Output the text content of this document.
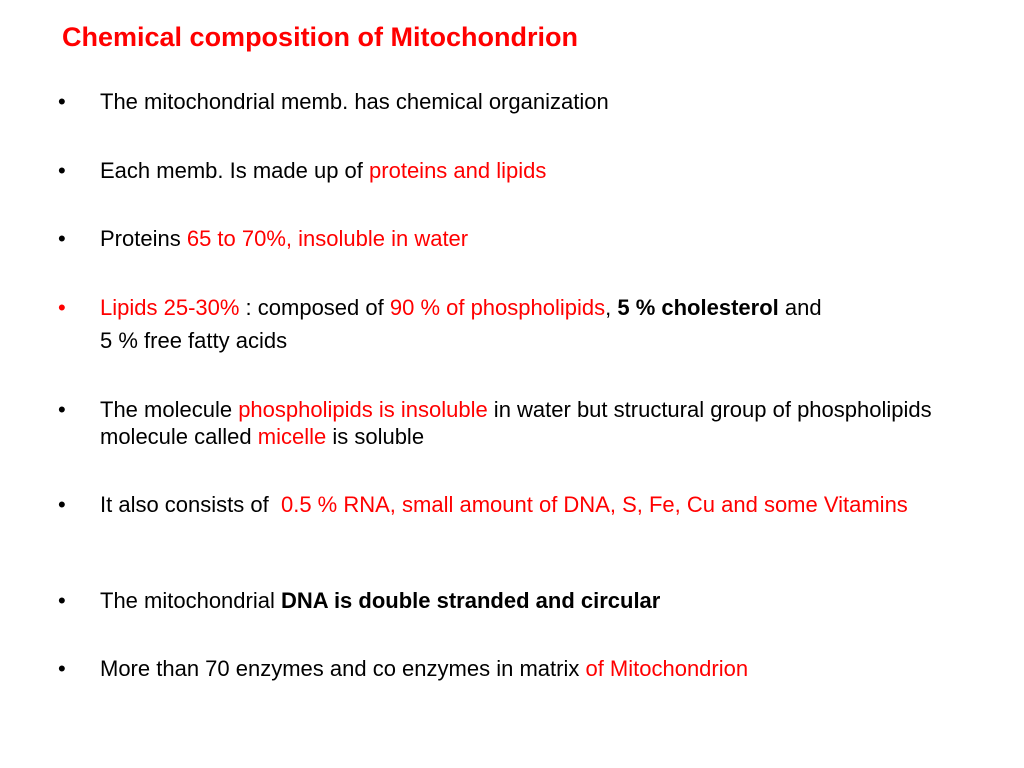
Chemical composition of Mitochondrion
• The mitochondrial memb. has chemical organization
• Each memb. Is made up of proteins and lipids
• Proteins 65 to 70%, insoluble in water
• Lipids 25-30% : composed of 90 % of phospholipids, 5 % cholesterol and
5 % free fatty acids
• The molecule phospholipids is insoluble in water but structural group of phospholipids molecule called micelle is soluble
• It also consists of  0.5 % RNA, small amount of DNA, S, Fe, Cu and some Vitamins
• The mitochondrial DNA is double stranded and circular
• More than 70 enzymes and co enzymes in matrix of Mitochondrion
